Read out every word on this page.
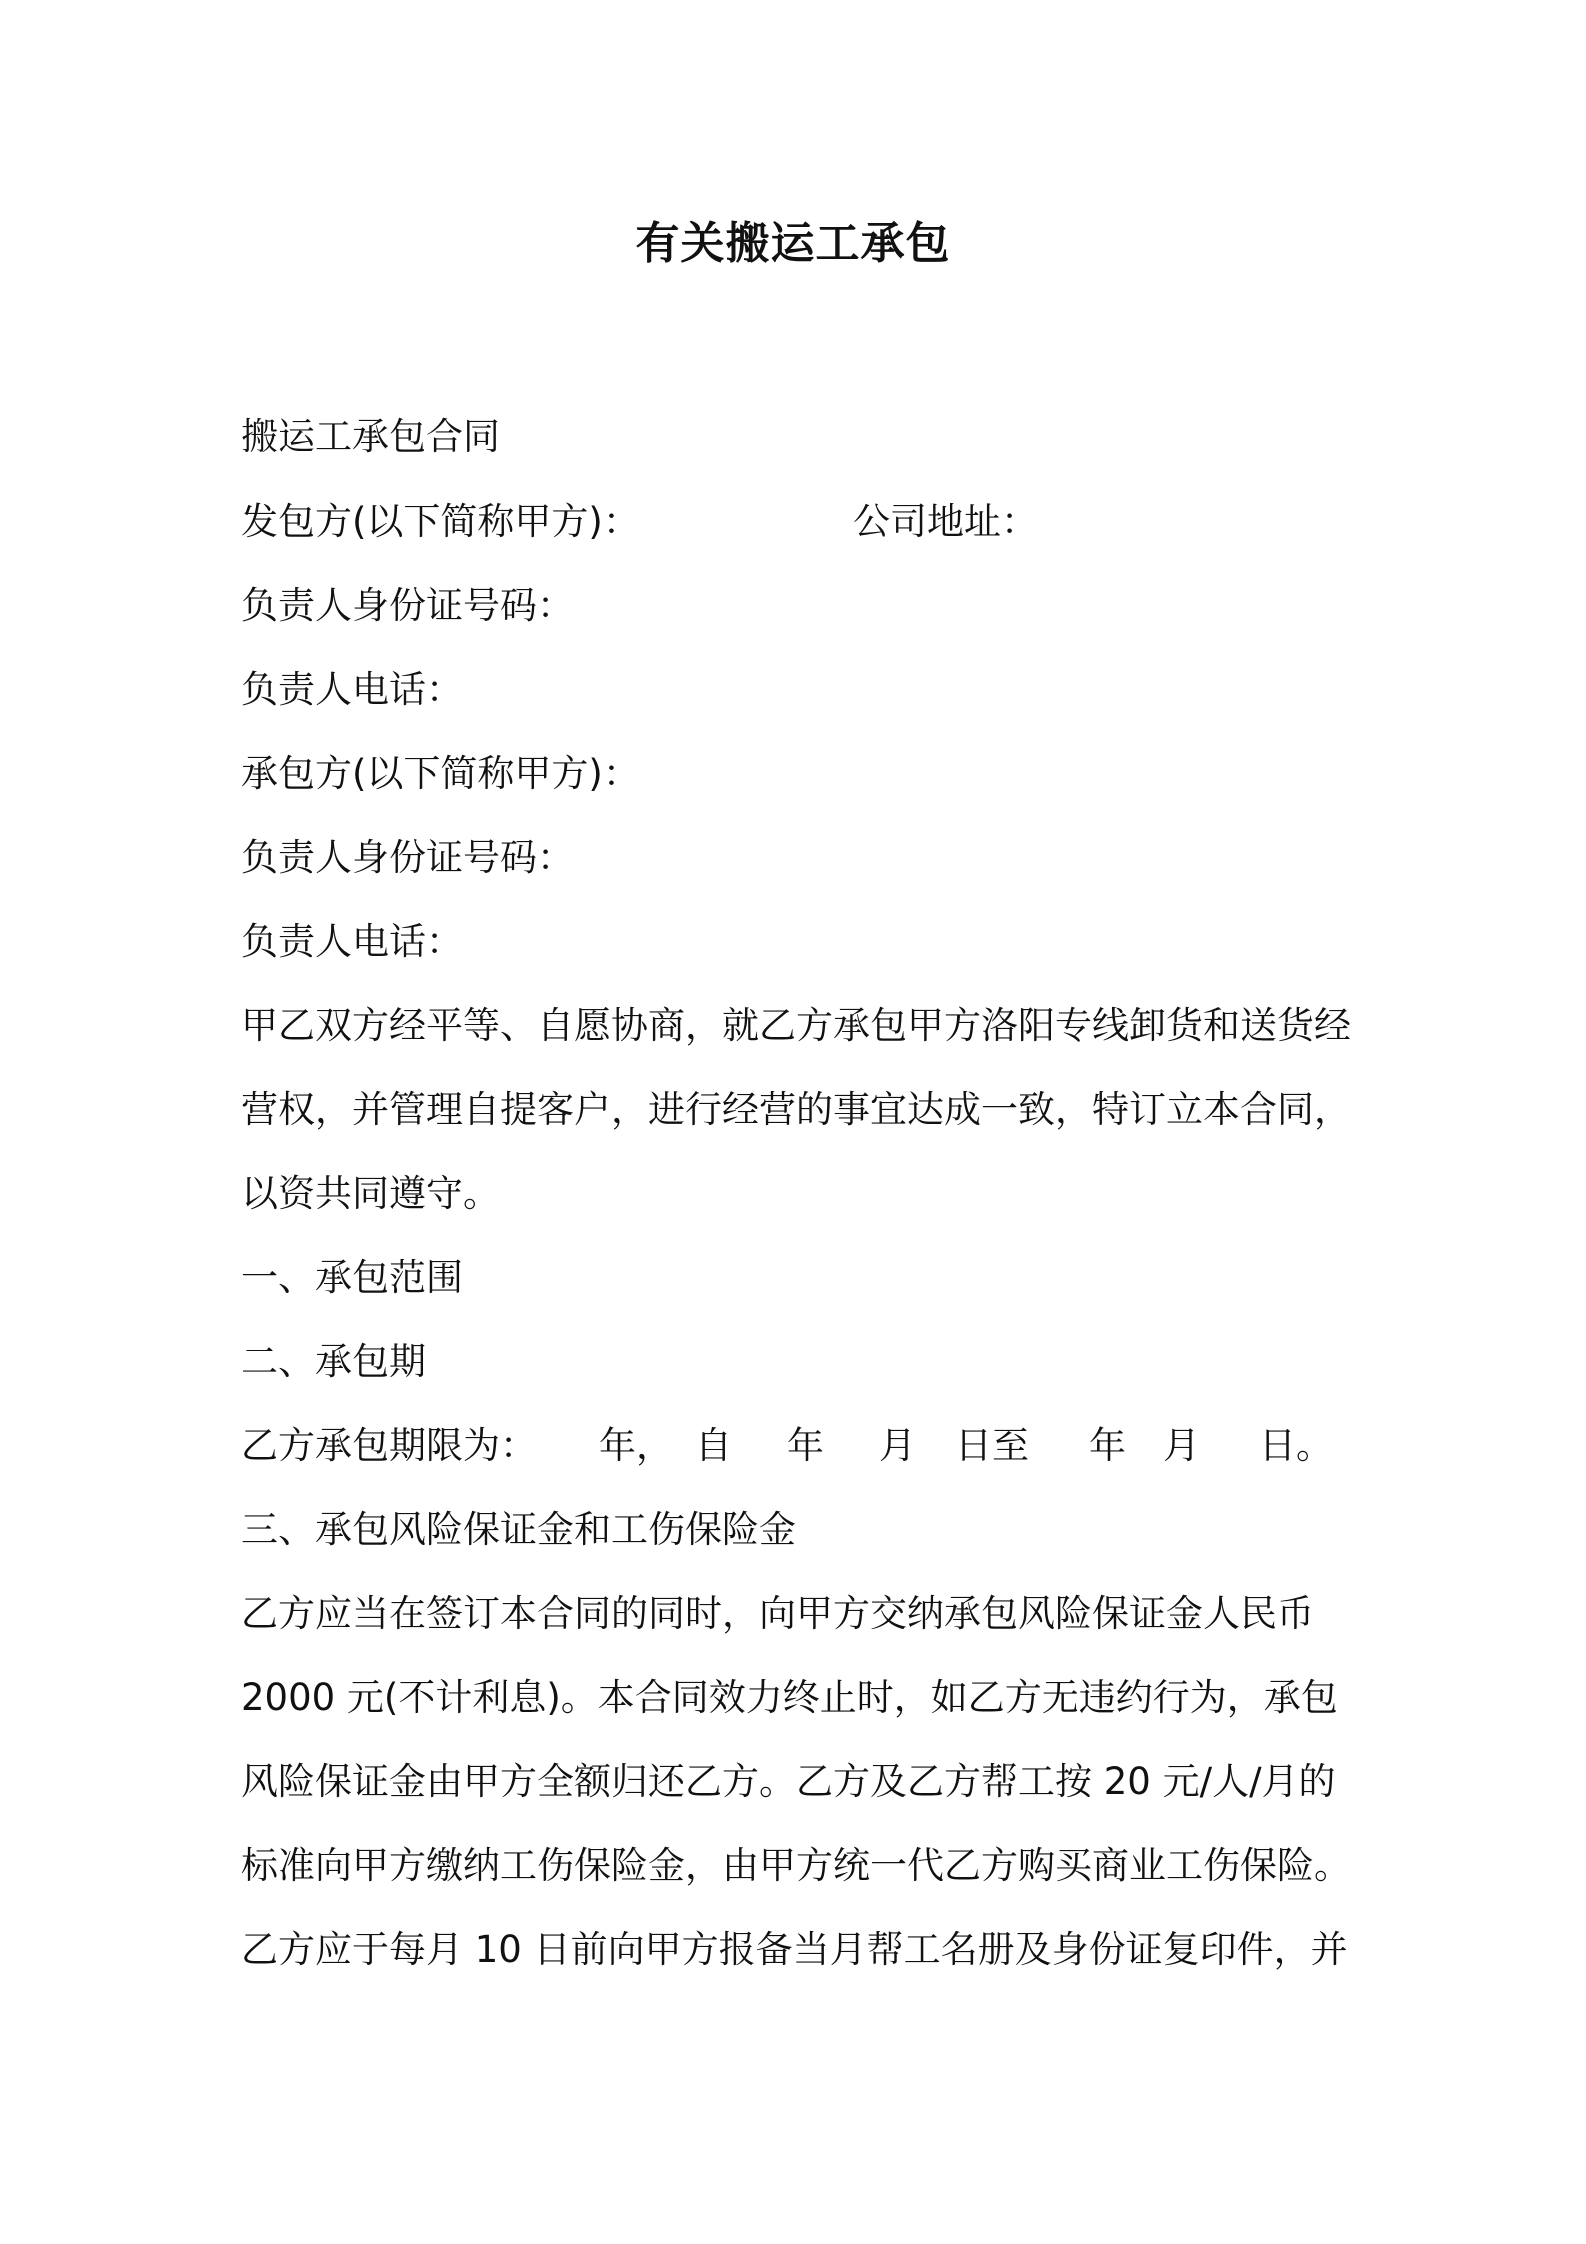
有关搬运工承包
搬运工承包合同
发包方(以下简称甲方)：	公司地址：
负责人身份证号码：
负责人电话：
承包方(以下简称甲方)：
负责人身份证号码：
负责人电话：
甲乙双方经平等、自愿协商，就乙方承包甲方洛阳专线卸货和送货经
营权，并管理自提客户，进行经营的事宜达成一致，特订立本合同，
以资共同遵守。
一、承包范围
二、承包期
乙方承包期限为： 年， 自 年 月 日至 年 月 日。
三、承包风险保证金和工伤保险金
乙方应当在签订本合同的同时，向甲方交纳承包风险保证金人民币
2000 元(不计利息)。本合同效力终止时，如乙方无违约行为，承包
风险保证金由甲方全额归还乙方。乙方及乙方帮工按 20 元/人/月的
标准向甲方缴纳工伤保险金，由甲方统一代乙方购买商业工伤保险。
乙方应于每月 10 日前向甲方报备当月帮工名册及身份证复印件，并
